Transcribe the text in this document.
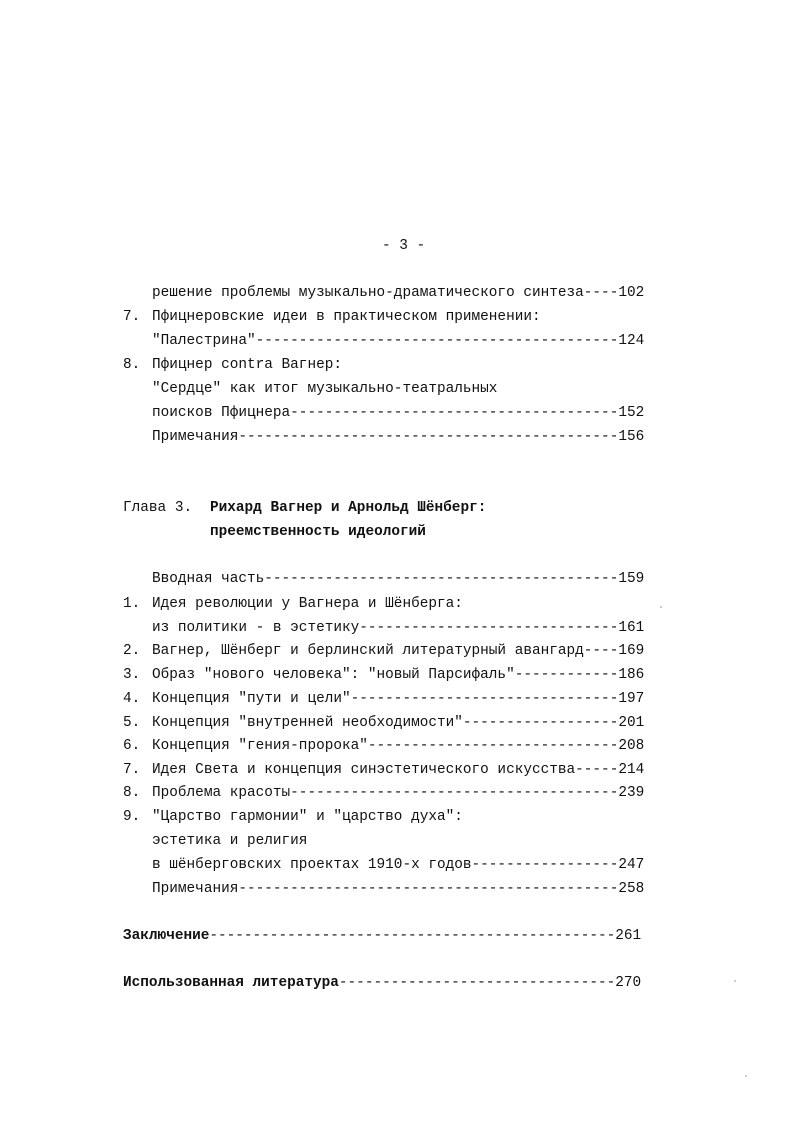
- 3 -
решение проблемы музыкально-драматического синтеза----102
7. Пфицнеровские идеи в практическом применении:
"Палестрина"------------------------------------------124
8. Пфицнер contra Вагнер:
"Сердце" как итог музыкально-театральных
поисков Пфицнера--------------------------------------152
Примечания--------------------------------------------156
Глава 3. Рихард Вагнер и Арнольд Шёнберг:
преемственность идеологий
Вводная часть-----------------------------------------159
1. Идея революции у Вагнера и Шёнберга:
из политики - в эстетику------------------------------161
2. Вагнер, Шёнберг и берлинский литературный авангард----169
3. Образ "нового человека": "новый Парсифаль"------------186
4. Концепция "пути и цели"-------------------------------197
5. Концепция "внутренней необходимости"------------------201
6. Концепция "гения-пророка"-----------------------------208
7. Идея Света и концепция синэстетического искусства-----214
8. Проблема красоты--------------------------------------239
9. "Царство гармонии" и "царство духа":
эстетика и религия
в шёнберговских проектах 1910-х годов-----------------247
Примечания--------------------------------------------258
Заключение-----------------------------------------------261
Использованная литература--------------------------------270
